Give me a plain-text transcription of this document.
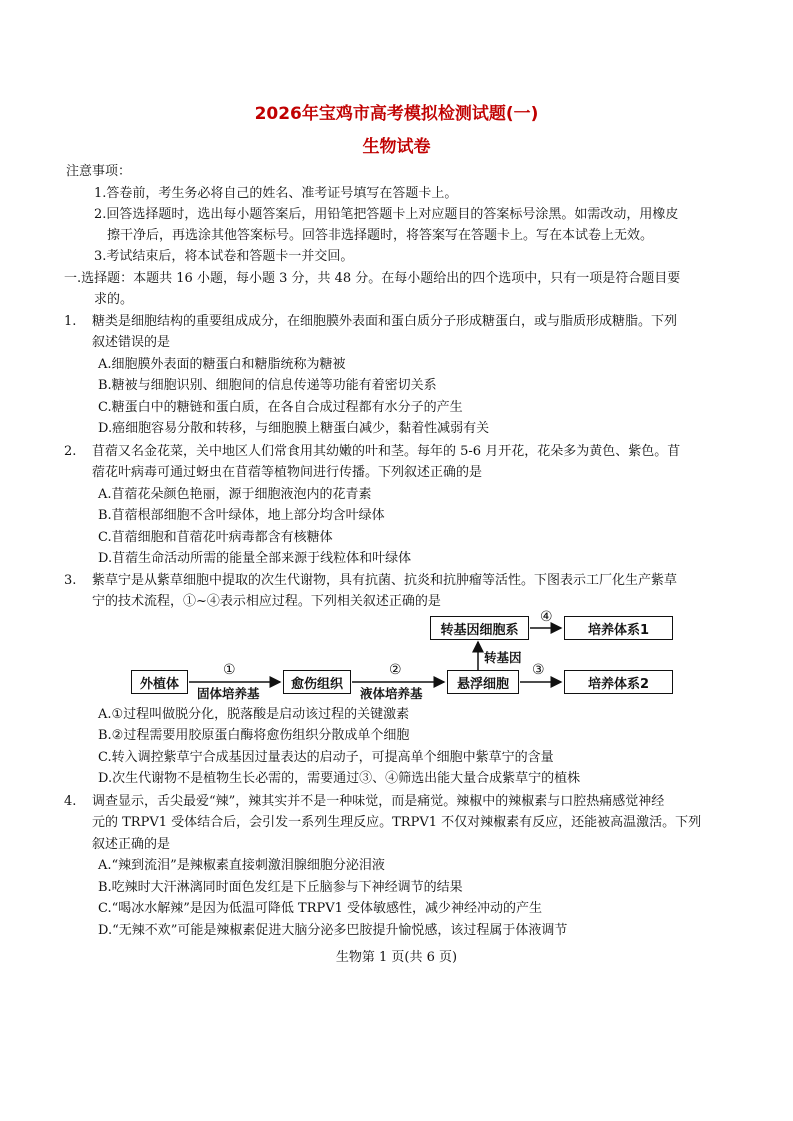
2026年宝鸡市高考模拟检测试题(一)
生物试卷
注意事项：
1.答卷前，考生务必将自己的姓名、准考证号填写在答题卡上。
2.回答选择题时，选出每小题答案后，用铅笔把答题卡上对应题目的答案标号涂黑。如需改动，用橡皮
擦干净后，再选涂其他答案标号。回答非选择题时，将答案写在答题卡上。写在本试卷上无效。
3.考试结束后，将本试卷和答题卡一并交回。
一.选择题：本题共 16 小题，每小题 3 分，共 48 分。在每小题给出的四个选项中，只有一项是符合题目要
求的。
1. 糖类是细胞结构的重要组成成分，在细胞膜外表面和蛋白质分子形成糖蛋白，或与脂质形成糖脂。下列
叙述错误的是
A.细胞膜外表面的糖蛋白和糖脂统称为糖被
B.糖被与细胞识别、细胞间的信息传递等功能有着密切关系
C.糖蛋白中的糖链和蛋白质，在各自合成过程都有水分子的产生
D.癌细胞容易分散和转移，与细胞膜上糖蛋白减少，黏着性减弱有关
2. 苜蓿又名金花菜，关中地区人们常食用其幼嫩的叶和茎。每年的 5-6 月开花，花朵多为黄色、紫色。苜
蓿花叶病毒可通过蚜虫在苜蓿等植物间进行传播。下列叙述正确的是
A.苜蓿花朵颜色艳丽，源于细胞液泡内的花青素
B.苜蓿根部细胞不含叶绿体，地上部分均含叶绿体
C.苜蓿细胞和苜蓿花叶病毒都含有核糖体
D.苜蓿生命活动所需的能量全部来源于线粒体和叶绿体
3. 紫草宁是从紫草细胞中提取的次生代谢物，具有抗菌、抗炎和抗肿瘤等活性。下图表示工厂化生产紫草
宁的技术流程，①~④表示相应过程。下列相关叙述正确的是
外植体	愈伤组织	悬浮细胞
转基因细胞系	培养体系1
培养体系2
①	②	③
④
固体培养基	液体培养基
转基因
A.①过程叫做脱分化，脱落酸是启动该过程的关键激素
B.②过程需要用胶原蛋白酶将愈伤组织分散成单个细胞
C.转入调控紫草宁合成基因过量表达的启动子，可提高单个细胞中紫草宁的含量
D.次生代谢物不是植物生长必需的，需要通过③、④筛选出能大量合成紫草宁的植株
4. 调查显示，舌尖最爱“辣”，辣其实并不是一种味觉，而是痛觉。辣椒中的辣椒素与口腔热痛感觉神经
元的 TRPV1 受体结合后，会引发一系列生理反应。TRPV1 不仅对辣椒素有反应，还能被高温激活。下列
叙述正确的是
A.“辣到流泪”是辣椒素直接刺激泪腺细胞分泌泪液
B.吃辣时大汗淋漓同时面色发红是下丘脑参与下神经调节的结果
C.“喝冰水解辣”是因为低温可降低 TRPV1 受体敏感性，减少神经冲动的产生
D.“无辣不欢”可能是辣椒素促进大脑分泌多巴胺提升愉悦感，该过程属于体液调节
生物第 1 页(共 6 页)
